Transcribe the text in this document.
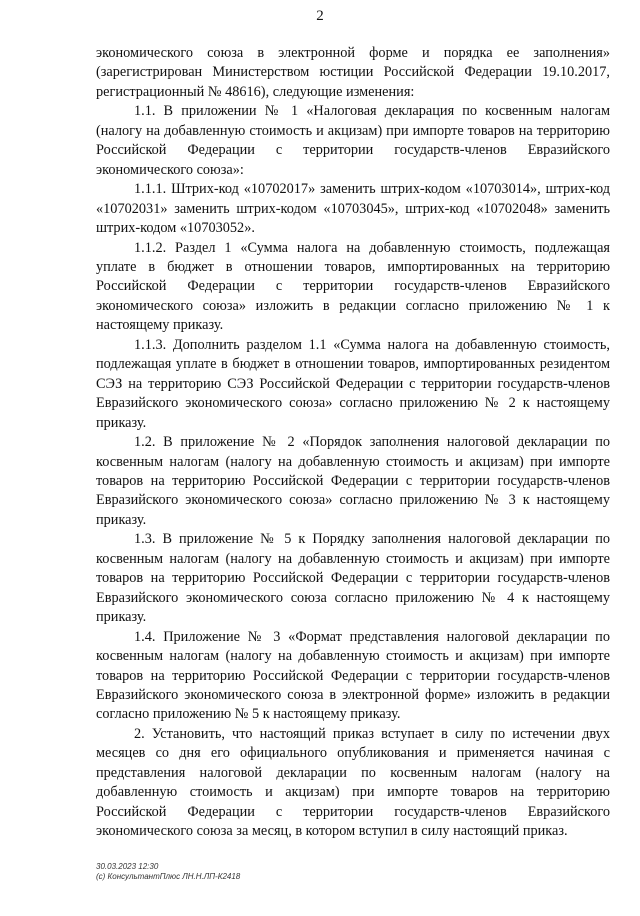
2

экономического союза в электронной форме и порядка ее заполнения» (зарегистрирован Министерством юстиции Российской Федерации 19.10.2017, регистрационный № 48616), следующие изменения:

1.1. В приложении № 1 «Налоговая декларация по косвенным налогам (налогу на добавленную стоимость и акцизам) при импорте товаров на территорию Российской Федерации с территории государств-членов Евразийского экономического союза»:

1.1.1. Штрих-код «10702017» заменить штрих-кодом «10703014», штрих-код «10702031» заменить штрих-кодом «10703045», штрих-код «10702048» заменить штрих-кодом «10703052».

1.1.2. Раздел 1 «Сумма налога на добавленную стоимость, подлежащая уплате в бюджет в отношении товаров, импортированных на территорию Российской Федерации с территории государств-членов Евразийского экономического союза» изложить в редакции согласно приложению № 1 к настоящему приказу.

1.1.3. Дополнить разделом 1.1 «Сумма налога на добавленную стоимость, подлежащая уплате в бюджет в отношении товаров, импортированных резидентом СЭЗ на территорию СЭЗ Российской Федерации с территории государств-членов Евразийского экономического союза» согласно приложению № 2 к настоящему приказу.

1.2. В приложение № 2 «Порядок заполнения налоговой декларации по косвенным налогам (налогу на добавленную стоимость и акцизам) при импорте товаров на территорию Российской Федерации с территории государств-членов Евразийского экономического союза» согласно приложению № 3 к настоящему приказу.

1.3. В приложение № 5 к Порядку заполнения налоговой декларации по косвенным налогам (налогу на добавленную стоимость и акцизам) при импорте товаров на территорию Российской Федерации с территории государств-членов Евразийского экономического союза согласно приложению № 4 к настоящему приказу.

1.4. Приложение № 3 «Формат представления налоговой декларации по косвенным налогам (налогу на добавленную стоимость и акцизам) при импорте товаров на территорию Российской Федерации с территории государств-членов Евразийского экономического союза в электронной форме» изложить в редакции согласно приложению № 5 к настоящему приказу.

2. Установить, что настоящий приказ вступает в силу по истечении двух месяцев со дня его официального опубликования и применяется начиная с представления налоговой декларации по косвенным налогам (налогу на добавленную стоимость и акцизам) при импорте товаров на территорию Российской Федерации с территории государств-членов Евразийского экономического союза за месяц, в котором вступил в силу настоящий приказ.

30.03.2023 12:30
(c) КонсультантПлюс ЛН.Н.ЛП-К2418
